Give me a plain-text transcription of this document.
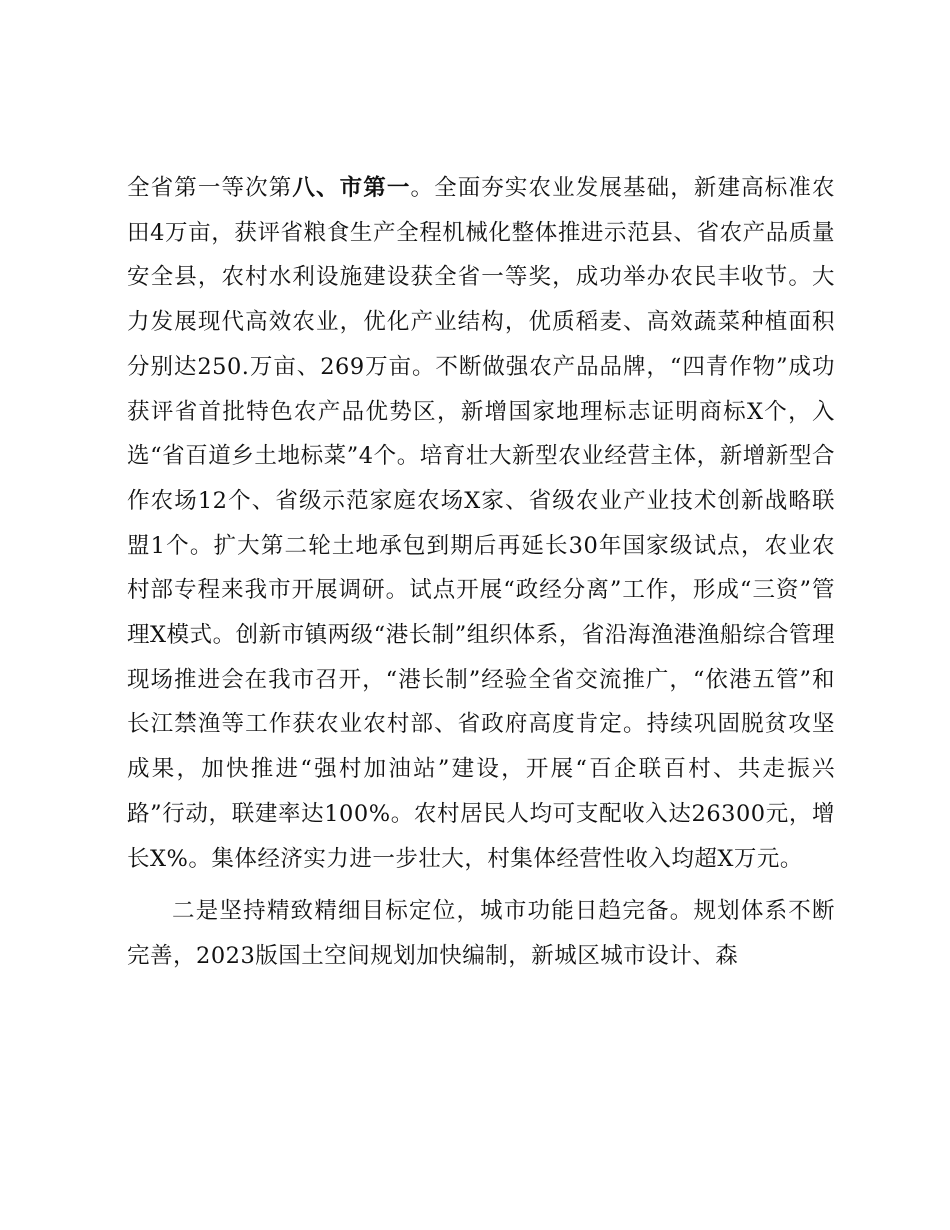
全省第一等次第八、市第一。全面夯实农业发展基础，新建高标准农田4万亩，获评省粮食生产全程机械化整体推进示范县、省农产品质量安全县，农村水利设施建设获全省一等奖，成功举办农民丰收节。大力发展现代高效农业，优化产业结构，优质稻麦、高效蔬菜种植面积分别达250.万亩、269万亩。不断做强农产品品牌，“四青作物”成功获评省首批特色农产品优势区，新增国家地理标志证明商标X个，入选“省百道乡土地标菜”4个。培育壮大新型农业经营主体，新增新型合作农场12个、省级示范家庭农场X家、省级农业产业技术创新战略联盟1个。扩大第二轮土地承包到期后再延长30年国家级试点，农业农村部专程来我市开展调研。试点开展“政经分离”工作，形成“三资”管理X模式。创新市镇两级“港长制”组织体系，省沿海渔港渔船综合管理现场推进会在我市召开，“港长制”经验全省交流推广，“依港五管”和长江禁渔等工作获农业农村部、省政府高度肯定。持续巩固脱贫攻坚成果，加快推进“强村加油站”建设，开展“百企联百村、共走振兴路”行动，联建率达100%。农村居民人均可支配收入达26300元，增长X%。集体经济实力进一步壮大，村集体经营性收入均超X万元。

二是坚持精致精细目标定位，城市功能日趋完备。规划体系不断完善，2023版国土空间规划加快编制，新城区城市设计、森
